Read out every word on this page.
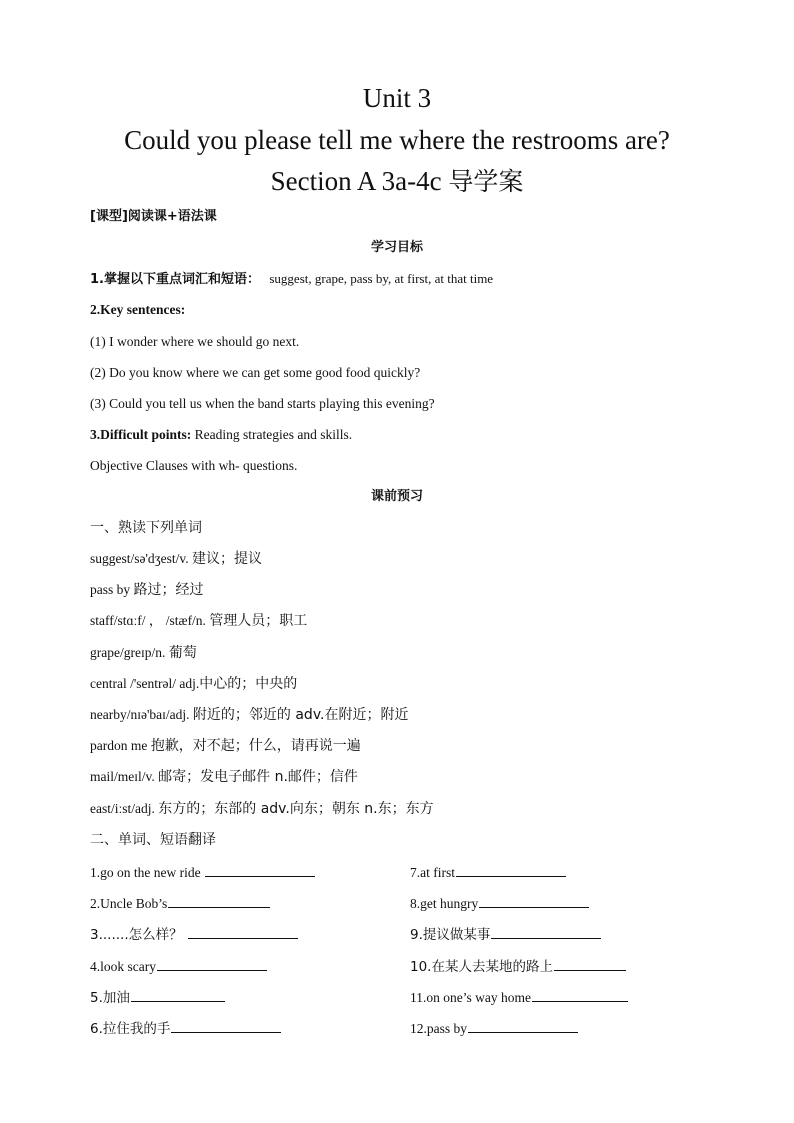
Unit 3
Could you please tell me where the restrooms are?
Section A 3a-4c 导学案
[课型]阅读课+语法课
学习目标
1.掌握以下重点词汇和短语： suggest, grape, pass by, at first, at that time
2.Key sentences:
(1) I wonder where we should go next.
(2) Do you know where we can get some good food quickly?
(3) Could you tell us when the band starts playing this evening?
3.Difficult points: Reading strategies and skills.
Objective Clauses with wh- questions.
课前预习
一、熟读下列单词
suggest/sə'dʒest/v. 建议；提议
pass by 路过；经过
staff/stɑːf/ ， /stæf/n. 管理人员；职工
grape/greɪp/n. 葡萄
central /'sentrəl/ adj.中心的；中央的
nearby/nɪə'baɪ/adj. 附近的；邻近的 adv.在附近；附近
pardon me 抱歉，对不起；什么，请再说一遍
mail/meɪl/v. 邮寄；发电子邮件 n.邮件；信件
east/iːst/adj. 东方的；东部的 adv.向东；朝东 n.东；东方
二、单词、短语翻译
1.go on the new ride
2.Uncle Bob’s
3.......怎么样？
4.look scary
5.加油
6.拉住我的手
7.at first
8.get hungry
9.提议做某事
10.在某人去某地的路上
11.on one’s way home
12.pass by
